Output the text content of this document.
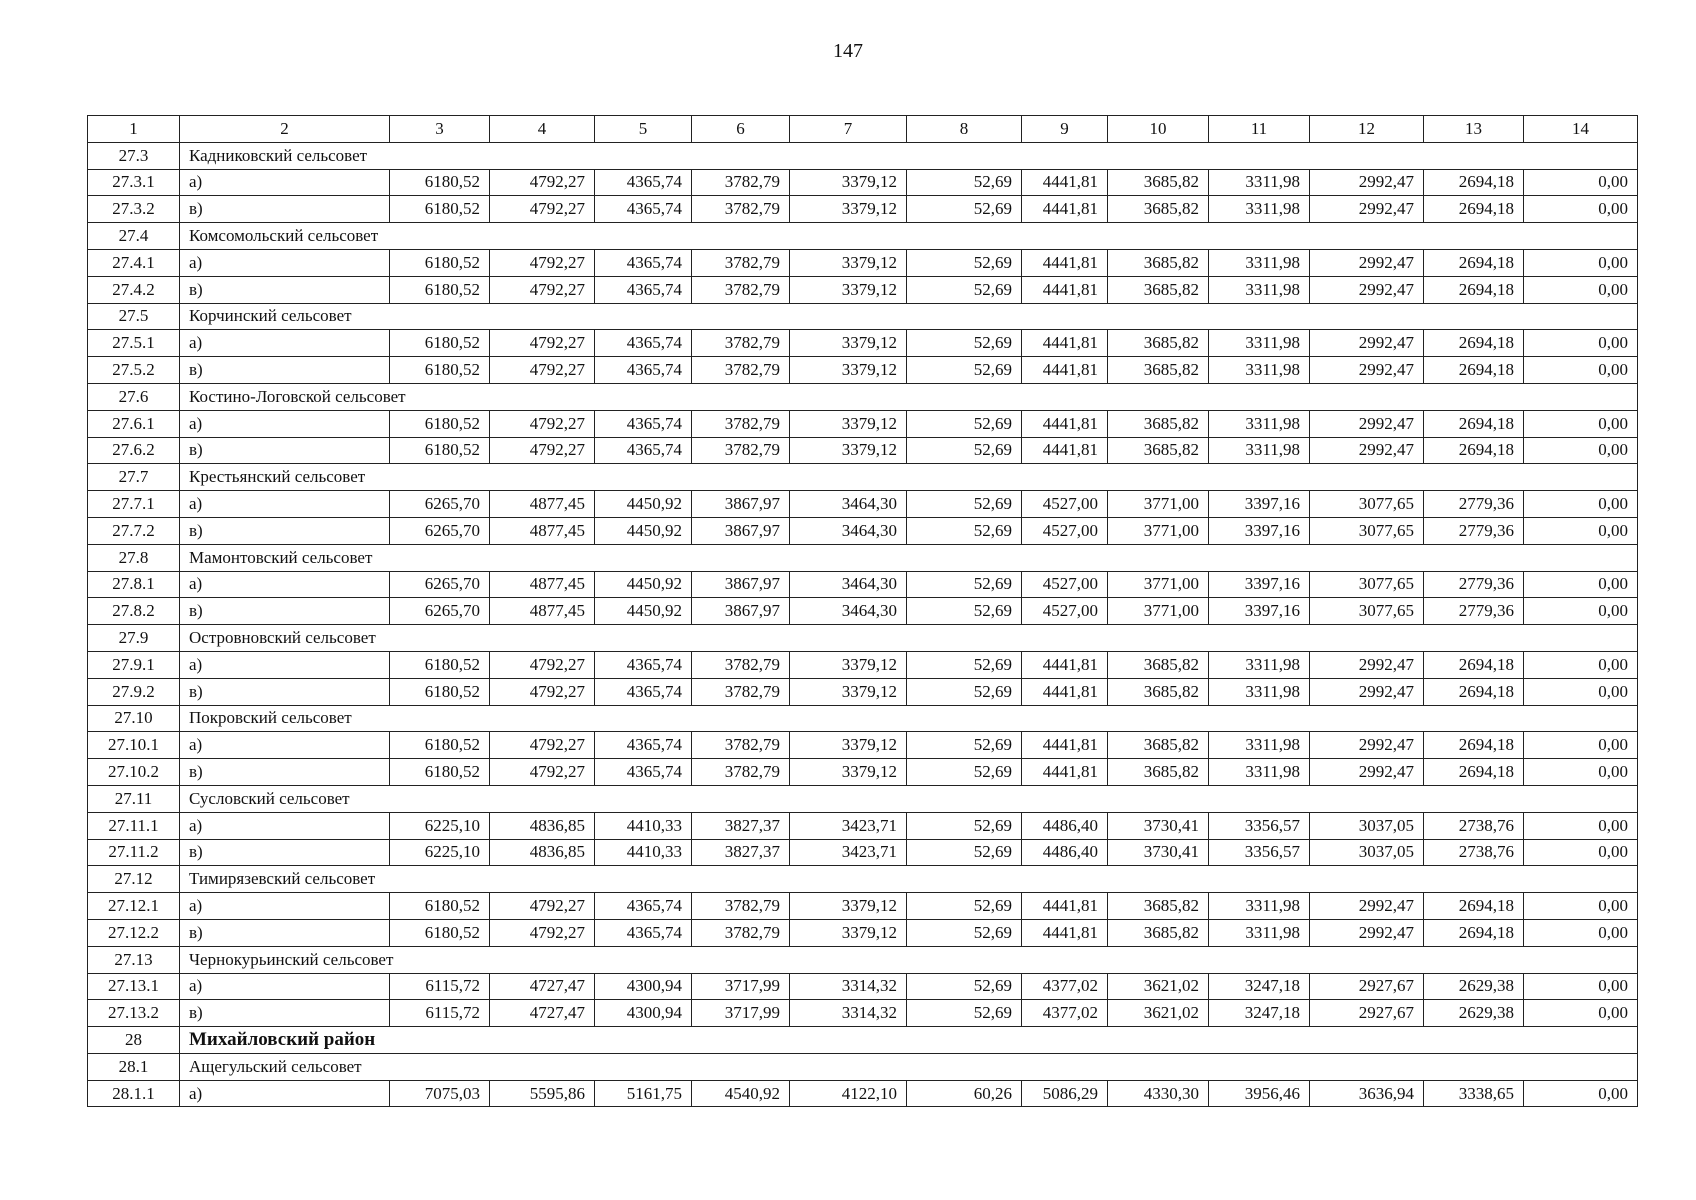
147
1	2	3	4	5	6	7	8	9	10	11	12	13	14
27.3	Кадниковский сельсовет												
27.3.1	а)	6180,52	4792,27	4365,74	3782,79	3379,12	52,69	4441,81	3685,82	3311,98	2992,47	2694,18	0,00
27.3.2	в)	6180,52	4792,27	4365,74	3782,79	3379,12	52,69	4441,81	3685,82	3311,98	2992,47	2694,18	0,00
27.4	Комсомольский сельсовет												
27.4.1	а)	6180,52	4792,27	4365,74	3782,79	3379,12	52,69	4441,81	3685,82	3311,98	2992,47	2694,18	0,00
27.4.2	в)	6180,52	4792,27	4365,74	3782,79	3379,12	52,69	4441,81	3685,82	3311,98	2992,47	2694,18	0,00
27.5	Корчинский сельсовет												
27.5.1	а)	6180,52	4792,27	4365,74	3782,79	3379,12	52,69	4441,81	3685,82	3311,98	2992,47	2694,18	0,00
27.5.2	в)	6180,52	4792,27	4365,74	3782,79	3379,12	52,69	4441,81	3685,82	3311,98	2992,47	2694,18	0,00
27.6	Костино-Логовской сельсовет												
27.6.1	а)	6180,52	4792,27	4365,74	3782,79	3379,12	52,69	4441,81	3685,82	3311,98	2992,47	2694,18	0,00
27.6.2	в)	6180,52	4792,27	4365,74	3782,79	3379,12	52,69	4441,81	3685,82	3311,98	2992,47	2694,18	0,00
27.7	Крестьянский сельсовет												
27.7.1	а)	6265,70	4877,45	4450,92	3867,97	3464,30	52,69	4527,00	3771,00	3397,16	3077,65	2779,36	0,00
27.7.2	в)	6265,70	4877,45	4450,92	3867,97	3464,30	52,69	4527,00	3771,00	3397,16	3077,65	2779,36	0,00
27.8	Мамонтовский сельсовет												
27.8.1	а)	6265,70	4877,45	4450,92	3867,97	3464,30	52,69	4527,00	3771,00	3397,16	3077,65	2779,36	0,00
27.8.2	в)	6265,70	4877,45	4450,92	3867,97	3464,30	52,69	4527,00	3771,00	3397,16	3077,65	2779,36	0,00
27.9	Островновский сельсовет												
27.9.1	а)	6180,52	4792,27	4365,74	3782,79	3379,12	52,69	4441,81	3685,82	3311,98	2992,47	2694,18	0,00
27.9.2	в)	6180,52	4792,27	4365,74	3782,79	3379,12	52,69	4441,81	3685,82	3311,98	2992,47	2694,18	0,00
27.10	Покровский сельсовет												
27.10.1	а)	6180,52	4792,27	4365,74	3782,79	3379,12	52,69	4441,81	3685,82	3311,98	2992,47	2694,18	0,00
27.10.2	в)	6180,52	4792,27	4365,74	3782,79	3379,12	52,69	4441,81	3685,82	3311,98	2992,47	2694,18	0,00
27.11	Сусловский сельсовет												
27.11.1	а)	6225,10	4836,85	4410,33	3827,37	3423,71	52,69	4486,40	3730,41	3356,57	3037,05	2738,76	0,00
27.11.2	в)	6225,10	4836,85	4410,33	3827,37	3423,71	52,69	4486,40	3730,41	3356,57	3037,05	2738,76	0,00
27.12	Тимирязевский сельсовет												
27.12.1	а)	6180,52	4792,27	4365,74	3782,79	3379,12	52,69	4441,81	3685,82	3311,98	2992,47	2694,18	0,00
27.12.2	в)	6180,52	4792,27	4365,74	3782,79	3379,12	52,69	4441,81	3685,82	3311,98	2992,47	2694,18	0,00
27.13	Чернокурьинский сельсовет												
27.13.1	а)	6115,72	4727,47	4300,94	3717,99	3314,32	52,69	4377,02	3621,02	3247,18	2927,67	2629,38	0,00
27.13.2	в)	6115,72	4727,47	4300,94	3717,99	3314,32	52,69	4377,02	3621,02	3247,18	2927,67	2629,38	0,00
28	Михайловский район												
28.1	Ащегульский сельсовет												
28.1.1	а)	7075,03	5595,86	5161,75	4540,92	4122,10	60,26	5086,29	4330,30	3956,46	3636,94	3338,65	0,00
